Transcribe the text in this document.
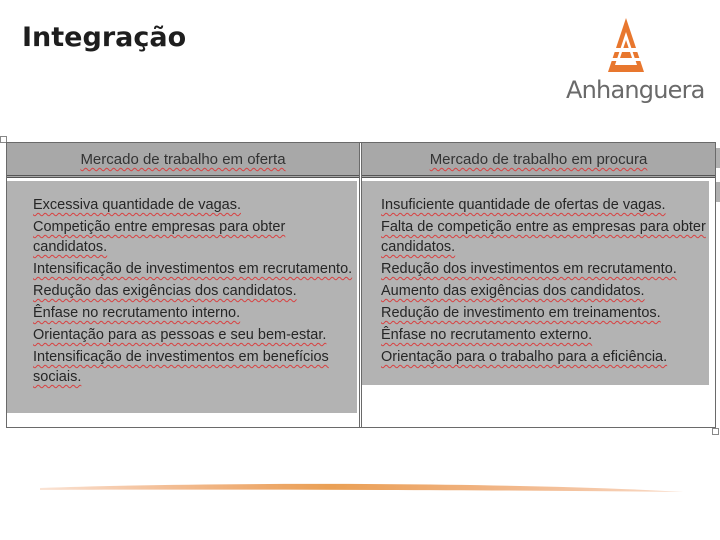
Integração
Anhanguera
Mercado de trabalho em oferta
Excessiva quantidade de vagas.
Competição entre empresas para obter candidatos.
Intensificação de investimentos em recrutamento.
Redução das exigências dos candidatos.
Ênfase no recrutamento interno.
Orientação para as pessoas e seu bem-estar.
Intensificação de investimentos em benefícios sociais.
Mercado de trabalho em procura
Insuficiente quantidade de ofertas de vagas.
Falta de competição entre as empresas para obter candidatos.
Redução dos investimentos em recrutamento.
Aumento das exigências dos candidatos.
Redução de investimento em treinamentos.
Ênfase no recrutamento externo.
Orientação para o trabalho para a eficiência.
